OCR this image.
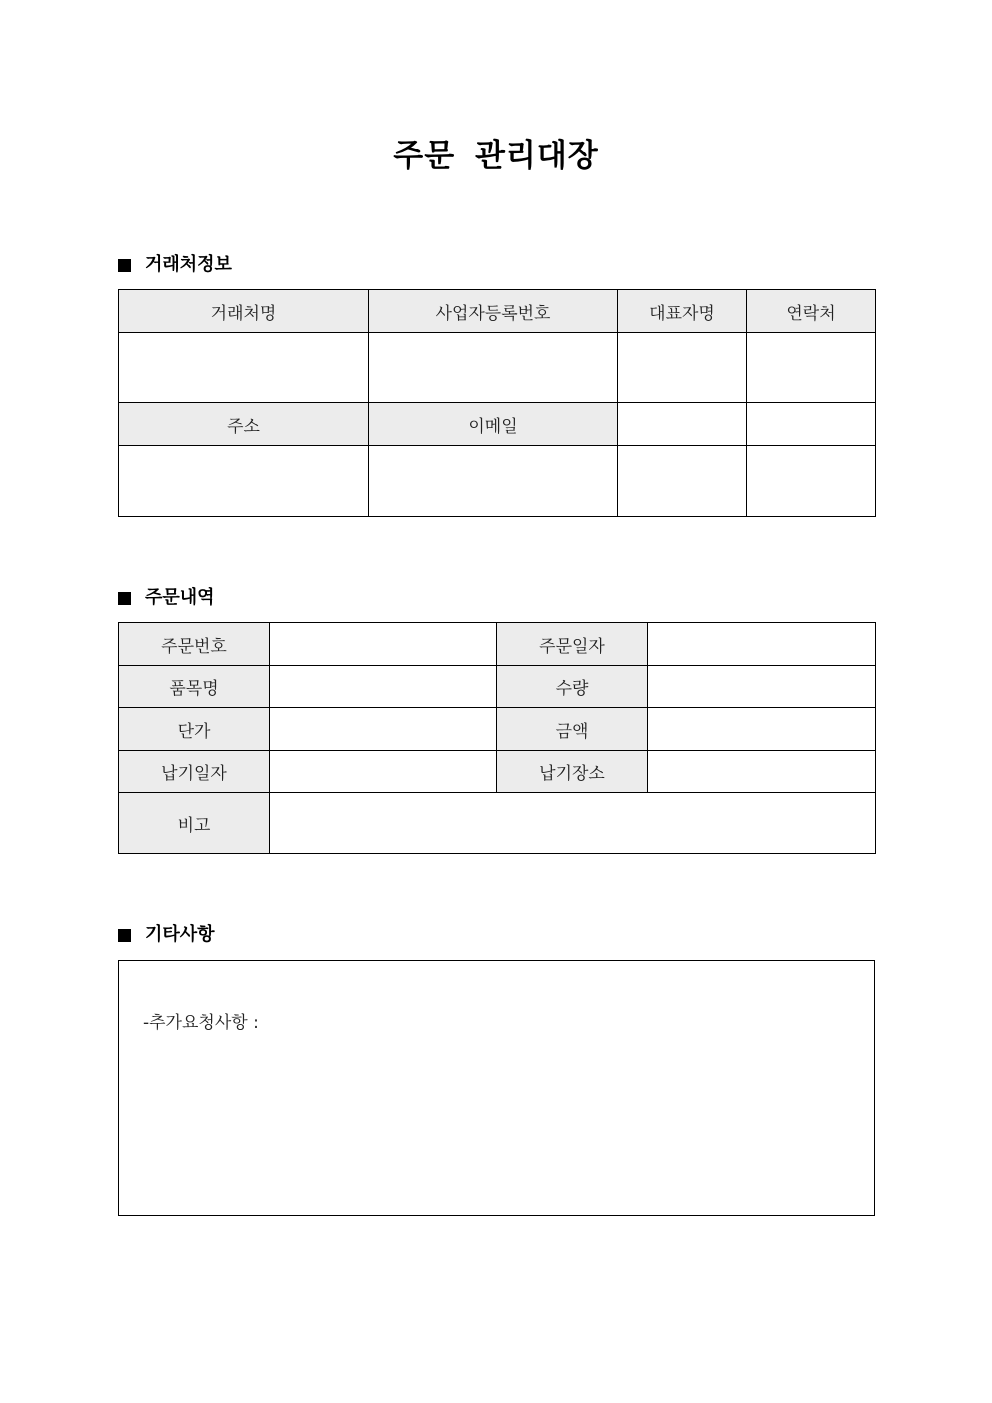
주문 관리대장
거래처정보
거래처명	사업자등록번호	대표자명	연락처

주소	이메일		

주문내역
주문번호		주문일자	
품목명		수량	
단가		금액	
납기일자		납기장소	
비고			
기타사항
-추가요청사항 :
